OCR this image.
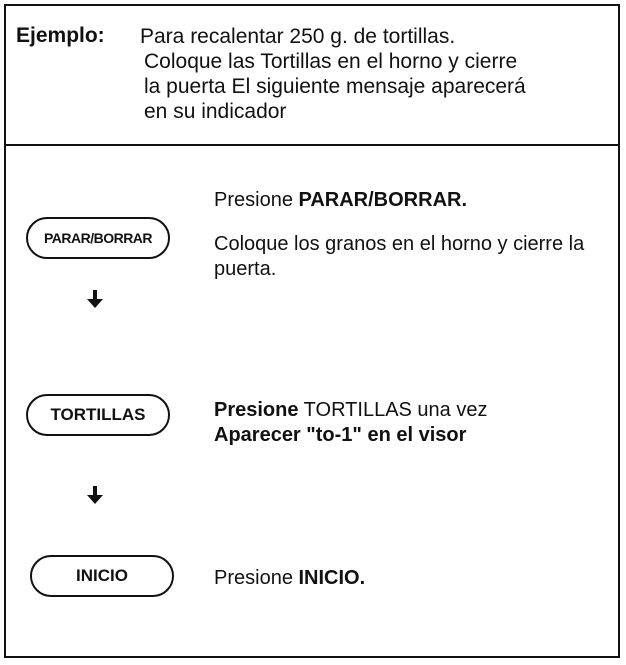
Ejemplo: Para recalentar 250 g. de tortillas.
Coloque las Tortillas en el horno y cierre
la puerta El siguiente mensaje aparecerá
en su indicador
PARAR/BORRAR
TORTILLAS
INICIO
Presione PARAR/BORRAR.
Coloque los granos en el horno y cierre la puerta.
Presione TORTILLAS una vez
Aparecer "to-1" en el visor
Presione INICIO.
